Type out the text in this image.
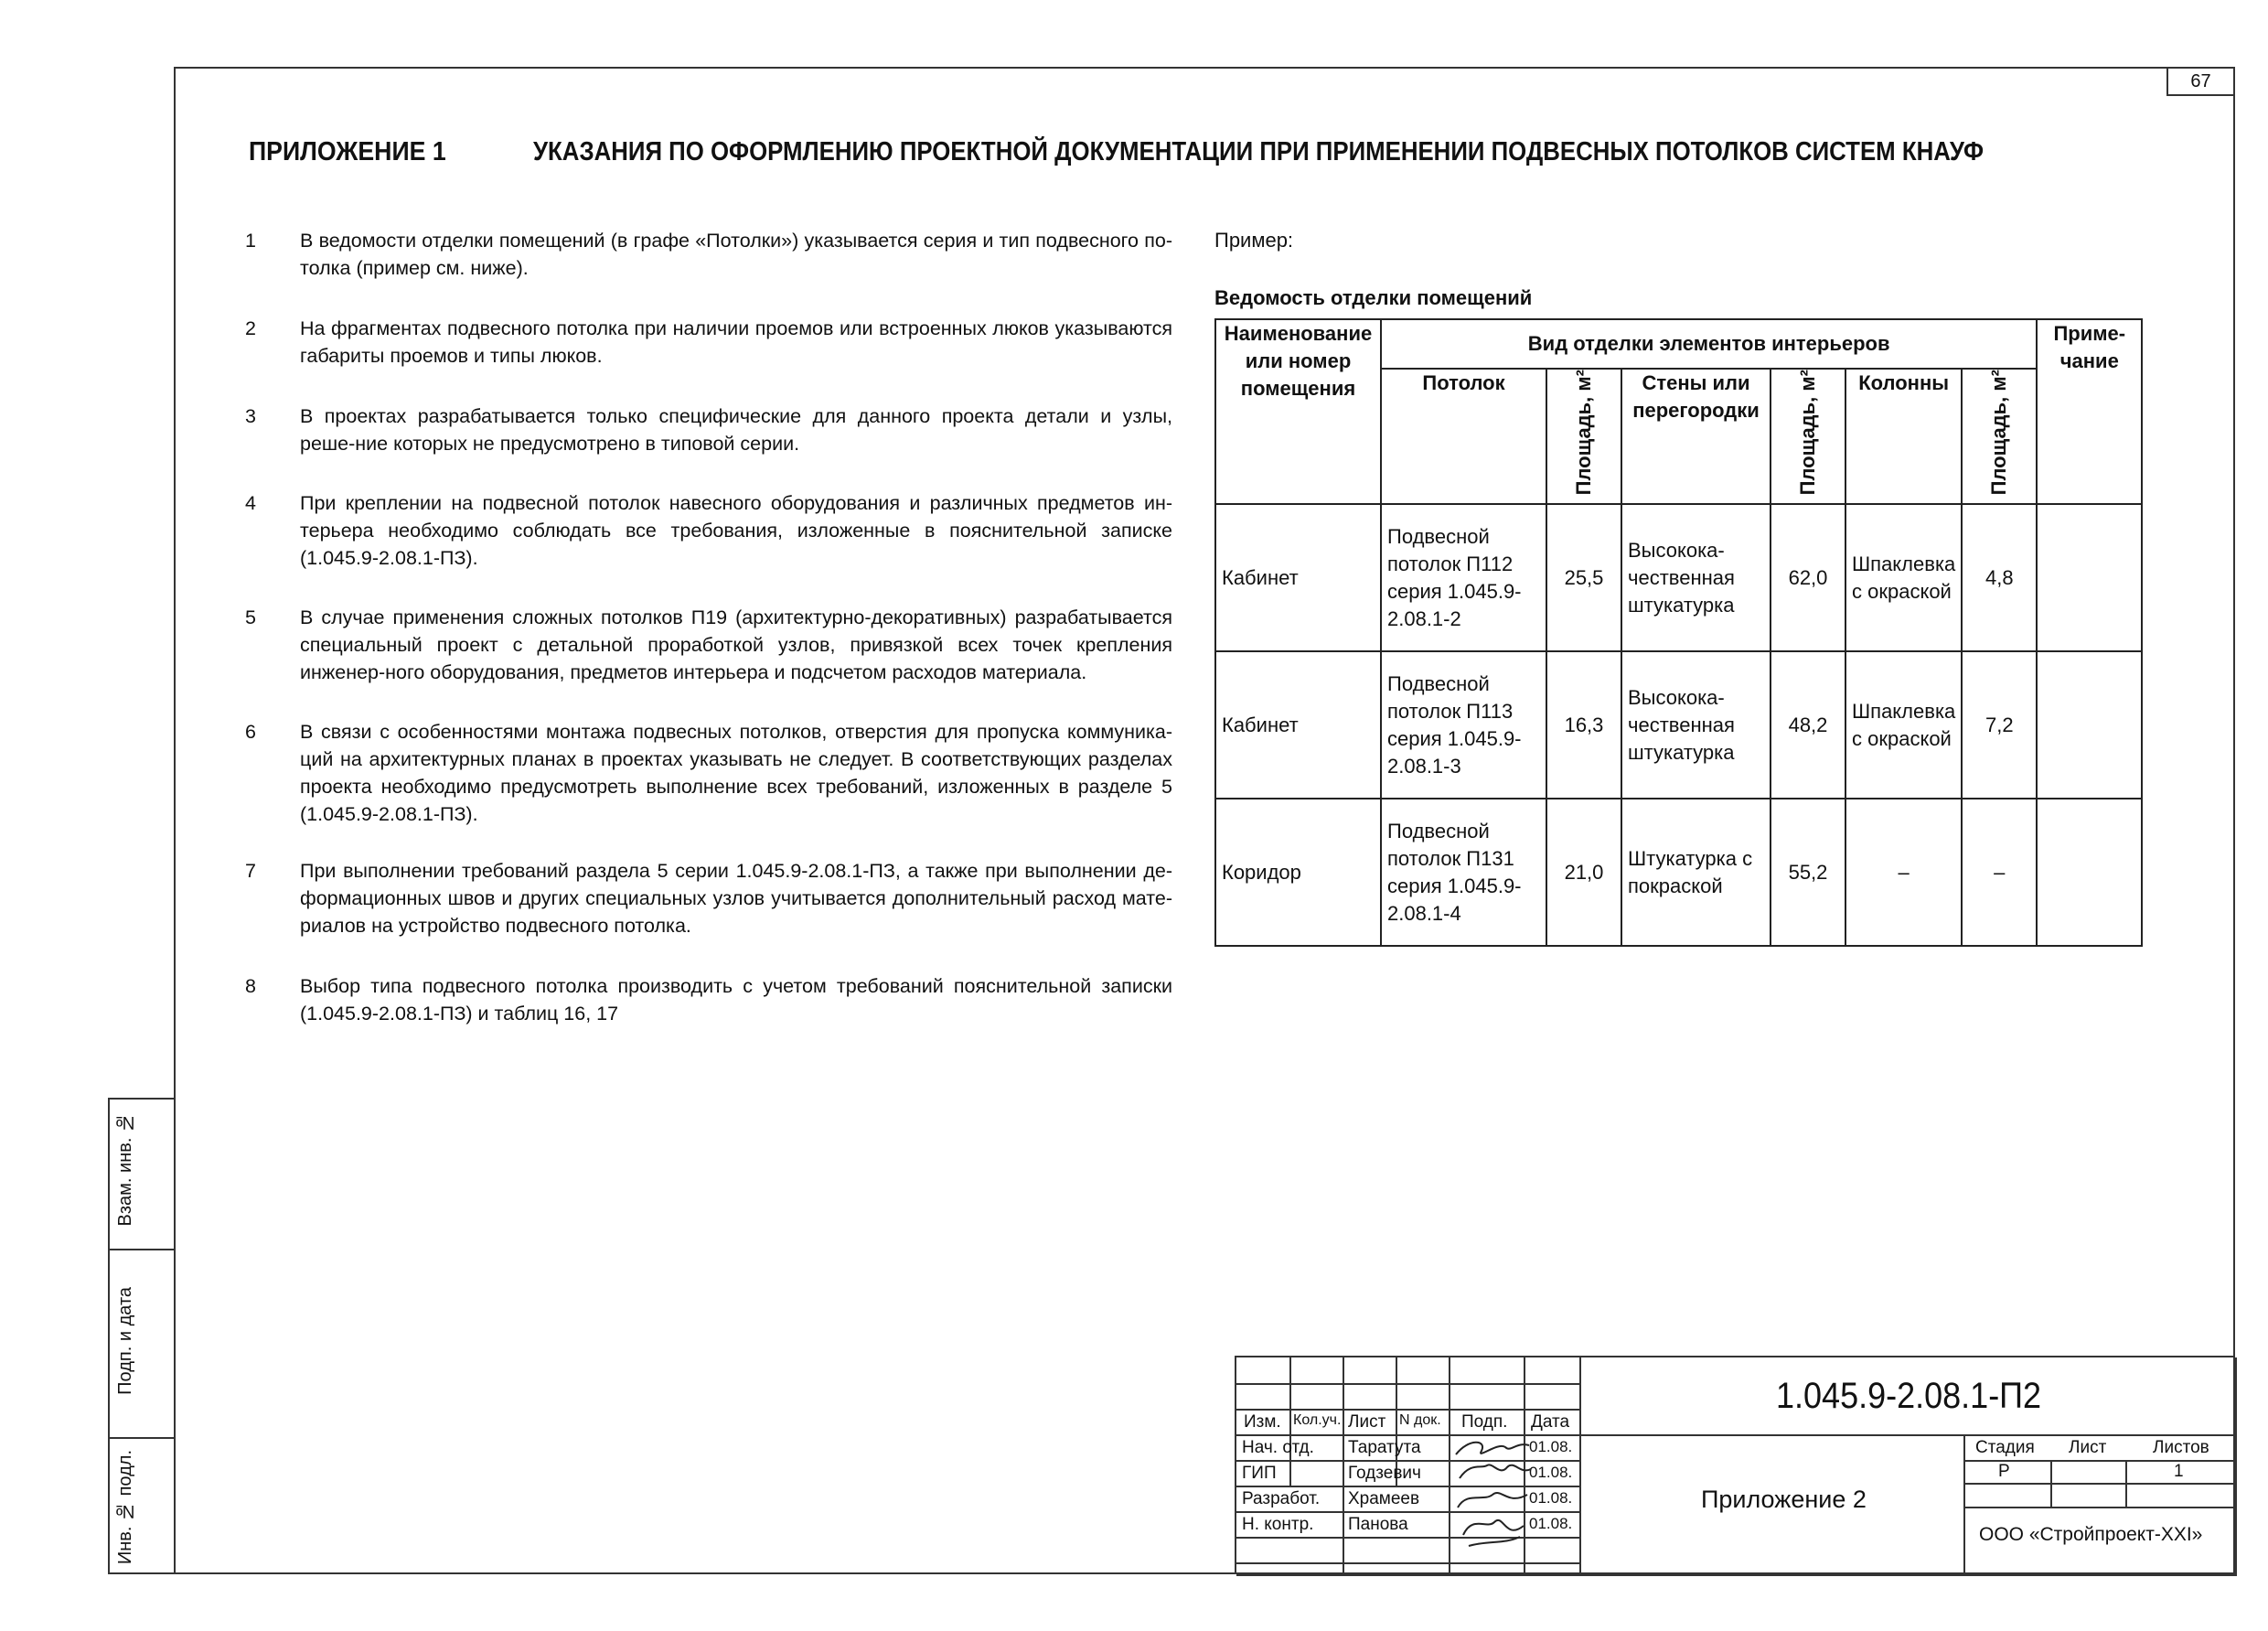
67
ПРИЛОЖЕНИЕ 1	УКАЗАНИЯ ПО ОФОРМЛЕНИЮ ПРОЕКТНОЙ ДОКУМЕНТАЦИИ ПРИ ПРИМЕНЕНИИ ПОДВЕСНЫХ ПОТОЛКОВ СИСТЕМ КНАУФ
1	В ведомости отделки помещений (в графе «Потолки») указывается серия и тип подвесного по-толка (пример см. ниже).
2	На фрагментах подвесного потолка при наличии проемов или встроенных люков указываются габариты проемов и типы люков.
3	В проектах разрабатывается только специфические для данного проекта детали и узлы, реше-ние которых не предусмотрено в типовой серии.
4	При креплении на подвесной потолок навесного оборудования и различных предметов ин-терьера необходимо соблюдать все требования, изложенные в пояснительной записке (1.045.9-2.08.1-ПЗ).
5	В случае применения сложных потолков П19 (архитектурно-декоративных) разрабатывается специальный проект с детальной проработкой узлов, привязкой всех точек крепления инженер-ного оборудования, предметов интерьера и подсчетом расходов материала.
6	В связи с особенностями монтажа подвесных потолков, отверстия для пропуска коммуника-ций на архитектурных планах в проектах указывать не следует. В соответствующих разделах проекта необходимо предусмотреть выполнение всех требований, изложенных в разделе 5 (1.045.9-2.08.1-ПЗ).
7	При выполнении требований раздела 5 серии 1.045.9-2.08.1-ПЗ, а также при выполнении де-формационных швов и других специальных узлов учитывается дополнительный расход мате-риалов на устройство подвесного потолка.
8	Выбор типа подвесного потолка производить с учетом требований пояснительной записки (1.045.9-2.08.1-ПЗ) и таблиц 16, 17
Пример:
Ведомость отделки помещений
Наименование или номер помещения	Вид отделки элементов интерьеров						Приме-чание
	Потолок	Площадь, м²	Стены или перегородки	Площадь, м²	Колонны	Площадь, м²	

Кабинет	Подвесной потолок П112 серия 1.045.9-2.08.1-2	25,5	Высокока-чественная штукатурка	62,0	Шпаклевка с окраской	4,8	
Кабинет	Подвесной потолок П113 серия 1.045.9-2.08.1-3	16,3	Высокока-чественная штукатурка	48,2	Шпаклевка с окраской	7,2	
Коридор	Подвесной потолок П131 серия 1.045.9-2.08.1-4	21,0	Штукатурка с покраской	55,2	–	–	
Взам. инв. №
Подп. и дата
Инв. № подл.
Изм. Кол.уч. Лист N док. Подп. Дата
Нач. отд. Таратута	01.08.
ГИП	Годзевич	01.08.
Разработ. Храмеев	01.08.
Н. контр. Панова	01.08.
1.045.9-2.08.1-П2
Приложение 2
Стадия Лист	Листов
Р	1
ООО «Стройпроект-XXI»
